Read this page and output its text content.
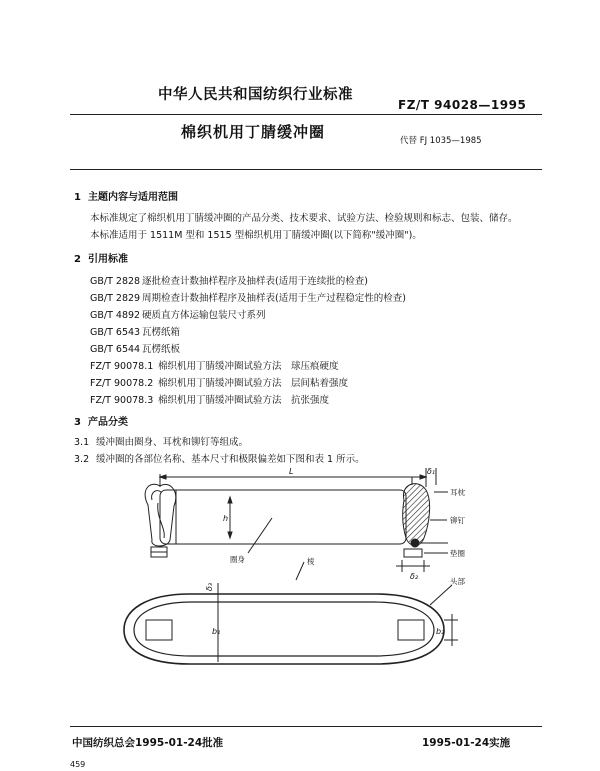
中华人民共和国纺织行业标准
FZ/T 94028—1995
棉织机用丁腈缓冲圈	代替 FJ 1035—1985
1 主题内容与适用范围
本标准规定了棉织机用丁腈缓冲圈的产品分类、技术要求、试验方法、检验规则和标志、包装、储存。
本标准适用于 1511M 型和 1515 型棉织机用丁腈缓冲圈(以下简称"缓冲圈")。
2 引用标准
GB/T 2828 逐批检查计数抽样程序及抽样表(适用于连续批的检查)
GB/T 2829 周期检查计数抽样程序及抽样表(适用于生产过程稳定性的检查)
GB/T 4892 硬质直方体运输包装尺寸系列
GB/T 6543 瓦楞纸箱
GB/T 6544 瓦楞纸板
FZ/T 90078.1 棉织机用丁腈缓冲圈试验方法　球压痕硬度
FZ/T 90078.2 棉织机用丁腈缓冲圈试验方法　层间粘着强度
FZ/T 90078.3 棉织机用丁腈缓冲圈试验方法　抗张强度
3 产品分类
3.1 缓冲圈由圈身、耳枕和铆钉等组成。
3.2 缓冲圈的各部位名称、基本尺寸和极限偏差如下图和表 1 所示。
L
h
δ₁
δ₂
δ₃
b₁	b₂
耳枕
铆钉
垫圈
圈身	棱
头部
中国纺织总会1995-01-24批准	1995-01-24实施
459
